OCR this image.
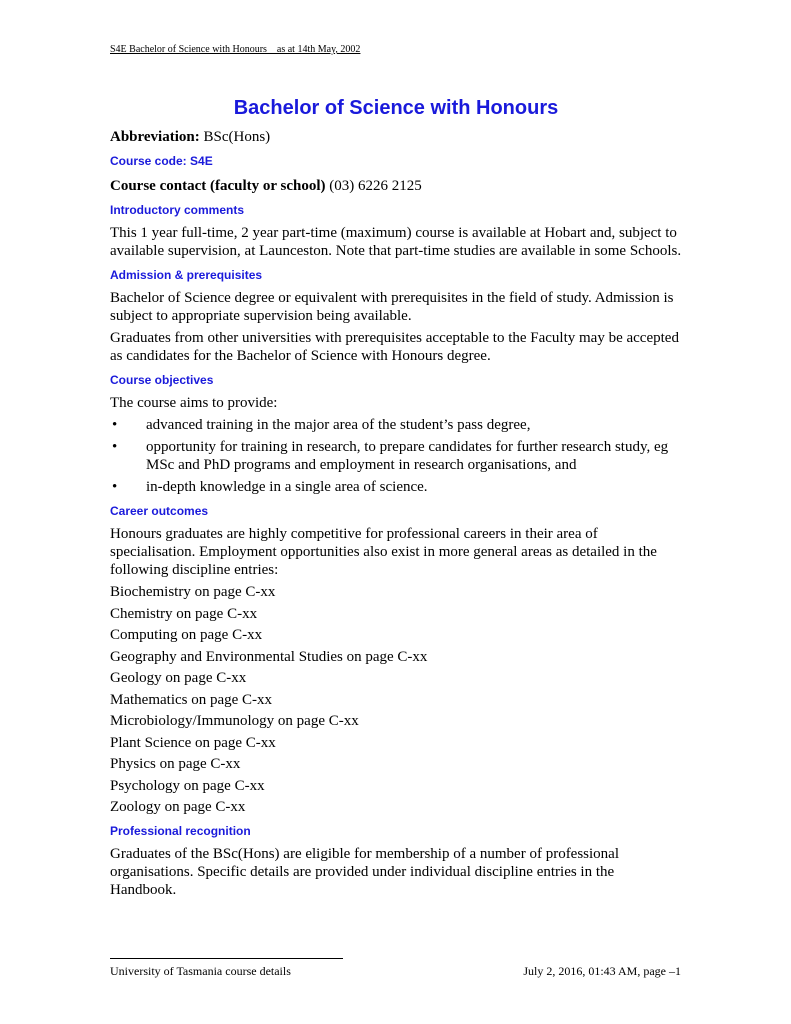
S4E Bachelor of Science with Honours    as at 14th May, 2002
Bachelor of Science with Honours

Abbreviation: BSc(Hons)

Course code: S4E

Course contact (faculty or school) (03) 6226 2125

Introductory comments

This 1 year full-time, 2 year part-time (maximum) course is available at Hobart and, subject to available supervision, at Launceston. Note that part-time studies are available in some Schools.

Admission & prerequisites

Bachelor of Science degree or equivalent with prerequisites in the field of study. Admission is subject to appropriate supervision being available.

Graduates from other universities with prerequisites acceptable to the Faculty may be accepted as candidates for the Bachelor of Science with Honours degree.

Course objectives

The course aims to provide:

• advanced training in the major area of the student’s pass degree,
• opportunity for training in research, to prepare candidates for further research study, eg MSc and PhD programs and employment in research organisations, and
• in-depth knowledge in a single area of science.
Career outcomes

Honours graduates are highly competitive for professional careers in their area of specialisation. Employment opportunities also exist in more general areas as detailed in the following discipline entries:

Biochemistry on page C-xx

Chemistry on page C-xx

Computing on page C-xx

Geography and Environmental Studies on page C-xx

Geology on page C-xx

Mathematics on page C-xx

Microbiology/Immunology on page C-xx

Plant Science on page C-xx

Physics on page C-xx

Psychology on page C-xx

Zoology on page C-xx

Professional recognition

Graduates of the BSc(Hons) are eligible for membership of a number of professional organisations. Specific details are provided under individual discipline entries in the Handbook.

University of Tasmania course details	July 2, 2016, 01:43 AM, page –1
